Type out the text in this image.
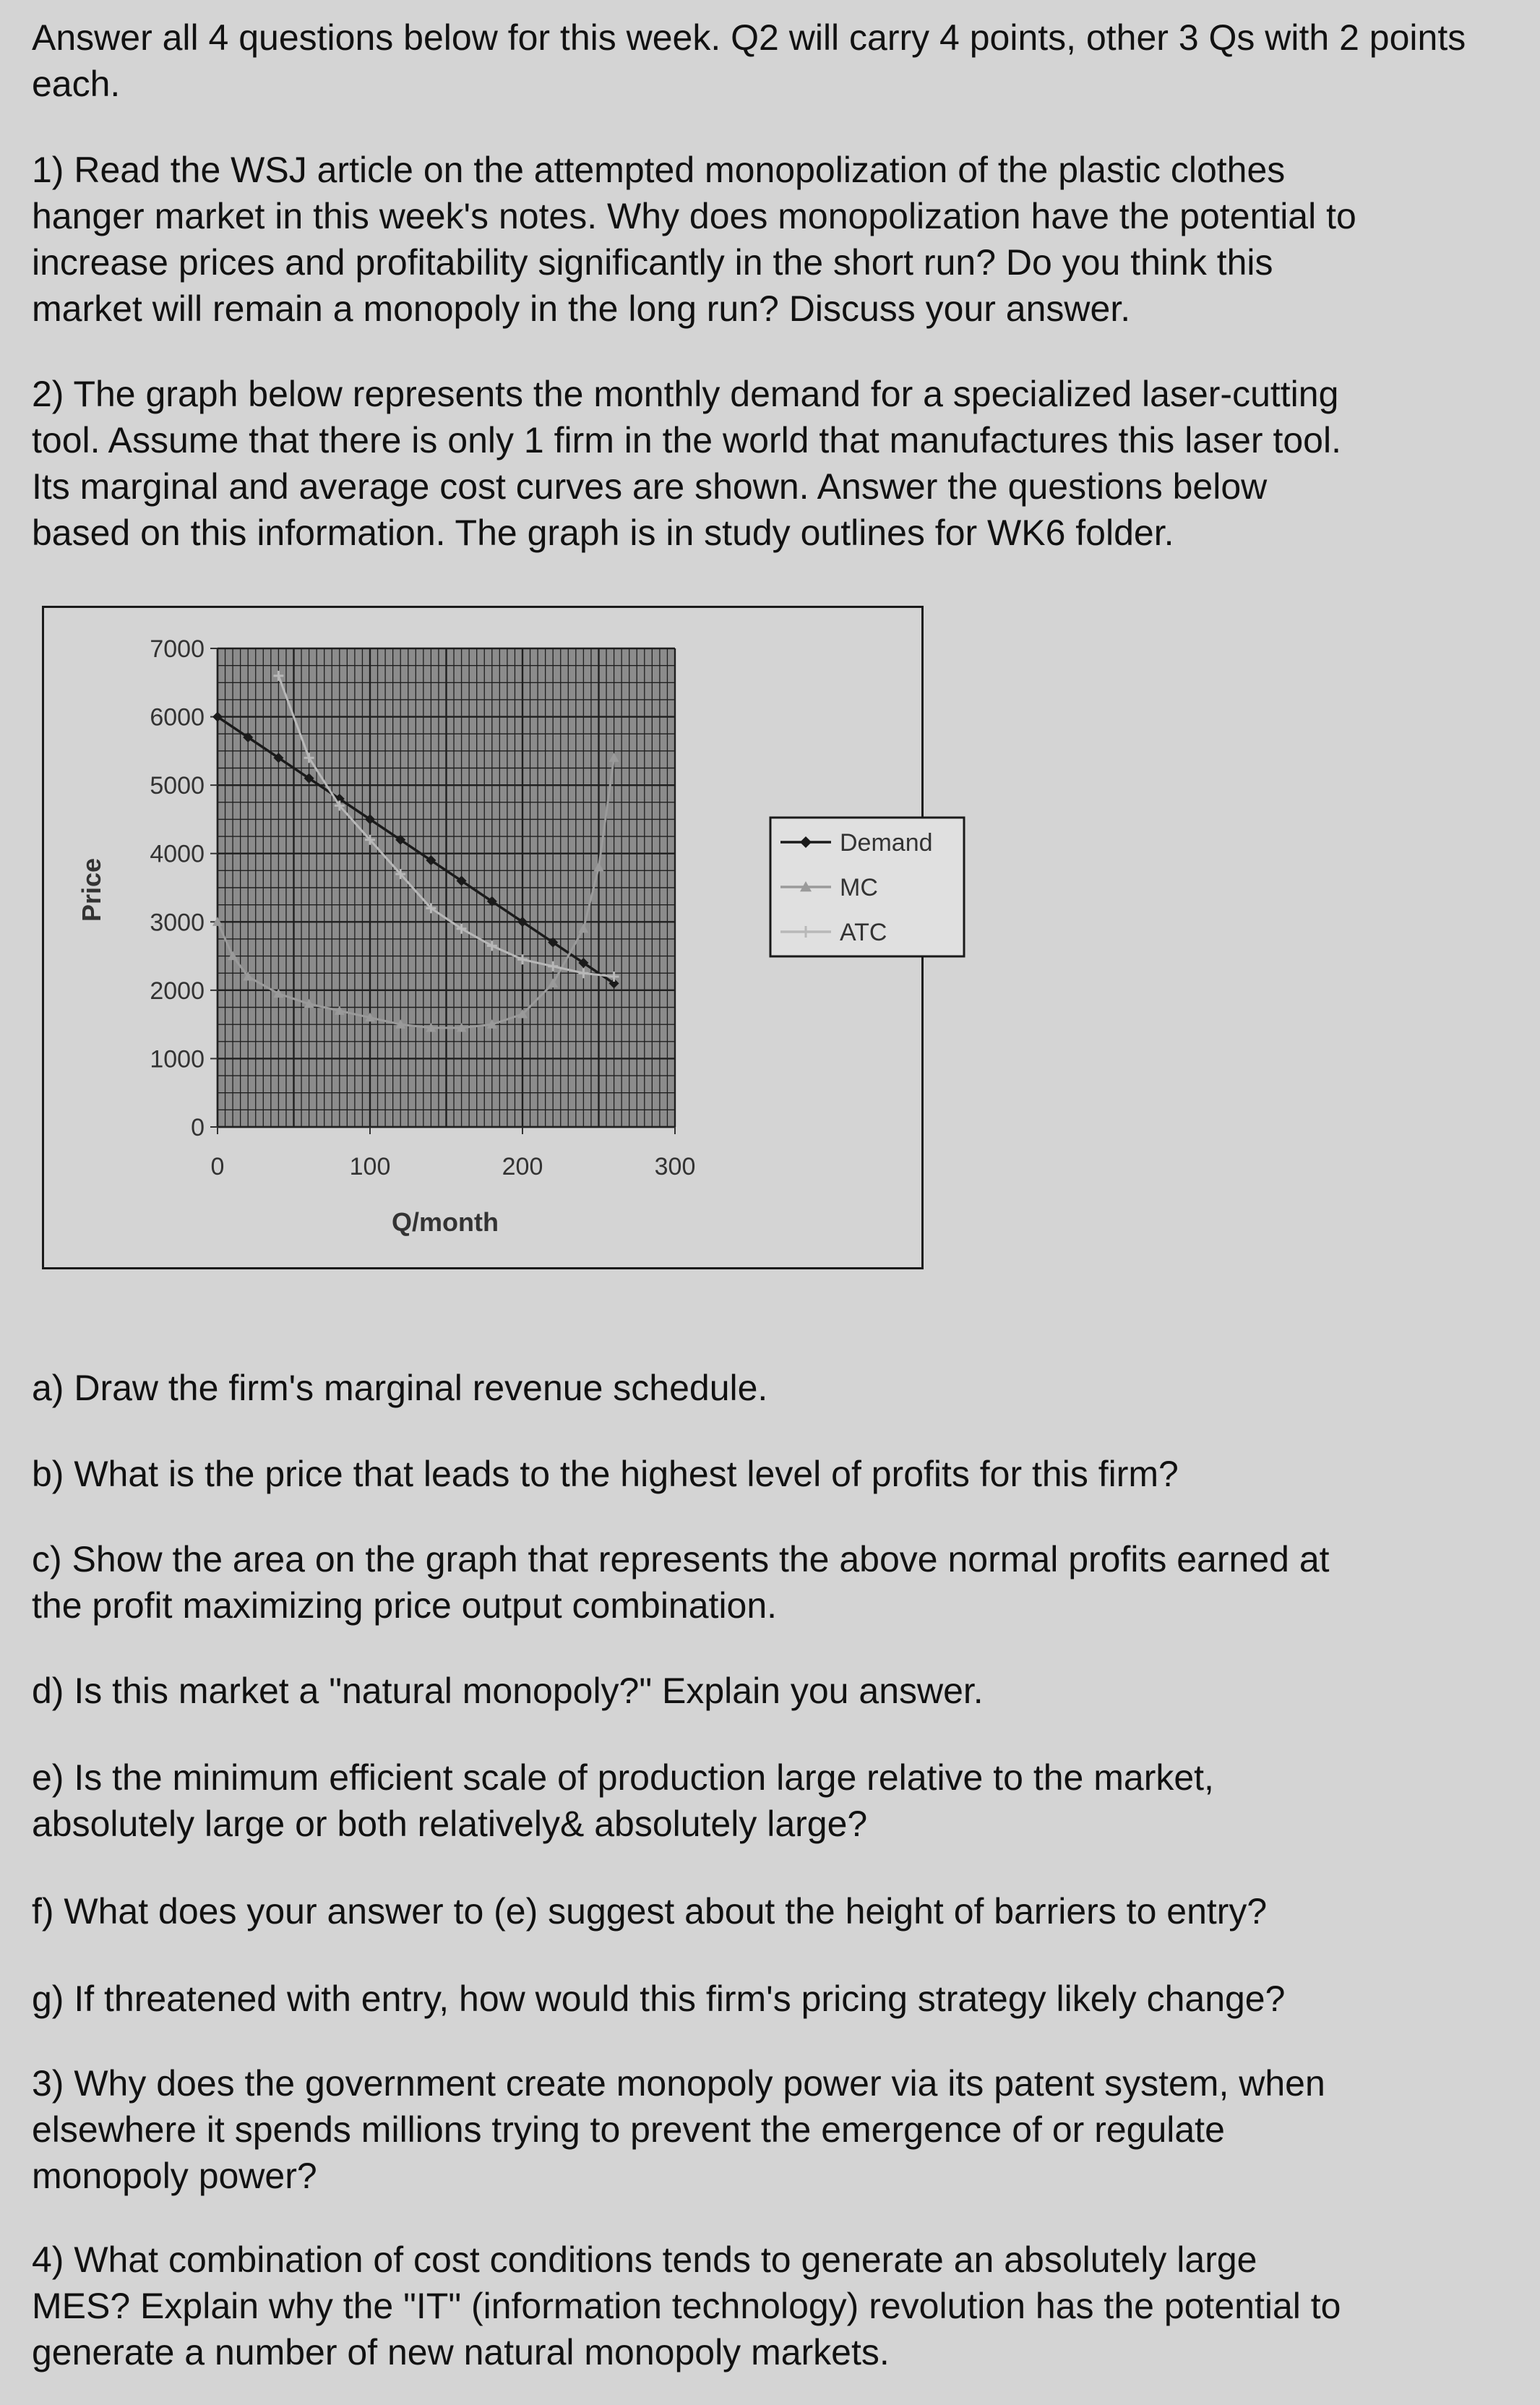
Answer all 4 questions below for this week. Q2 will carry 4 points, other 3 Qs with 2 points
each.

1) Read the WSJ article on the attempted monopolization of the plastic clothes
hanger market in this week's notes. Why does monopolization have the potential to
increase prices and profitability significantly in the short run? Do you think this
market will remain a monopoly in the long run? Discuss your answer.

2) The graph below represents the monthly demand for a specialized laser-cutting
tool. Assume that there is only 1 firm in the world that manufactures this laser tool.
Its marginal and average cost curves are shown. Answer the questions below
based on this information. The graph is in study outlines for WK6 folder.

0
1000
2000
3000
4000
5000
6000
7000
0	100	200	300
Price
Q/month
Demand
MC
ATC

a) Draw the firm's marginal revenue schedule.

b) What is the price that leads to the highest level of profits for this firm?

c) Show the area on the graph that represents the above normal profits earned at
the profit maximizing price output combination.

d) Is this market a "natural monopoly?" Explain you answer.

e) Is the minimum efficient scale of production large relative to the market,
absolutely large or both relatively& absolutely large?

f) What does your answer to (e) suggest about the height of barriers to entry?

g) If threatened with entry, how would this firm's pricing strategy likely change?

3) Why does the government create monopoly power via its patent system, when
elsewhere it spends millions trying to prevent the emergence of or regulate
monopoly power?

4) What combination of cost conditions tends to generate an absolutely large
MES? Explain why the "IT" (information technology) revolution has the potential to
generate a number of new natural monopoly markets.
